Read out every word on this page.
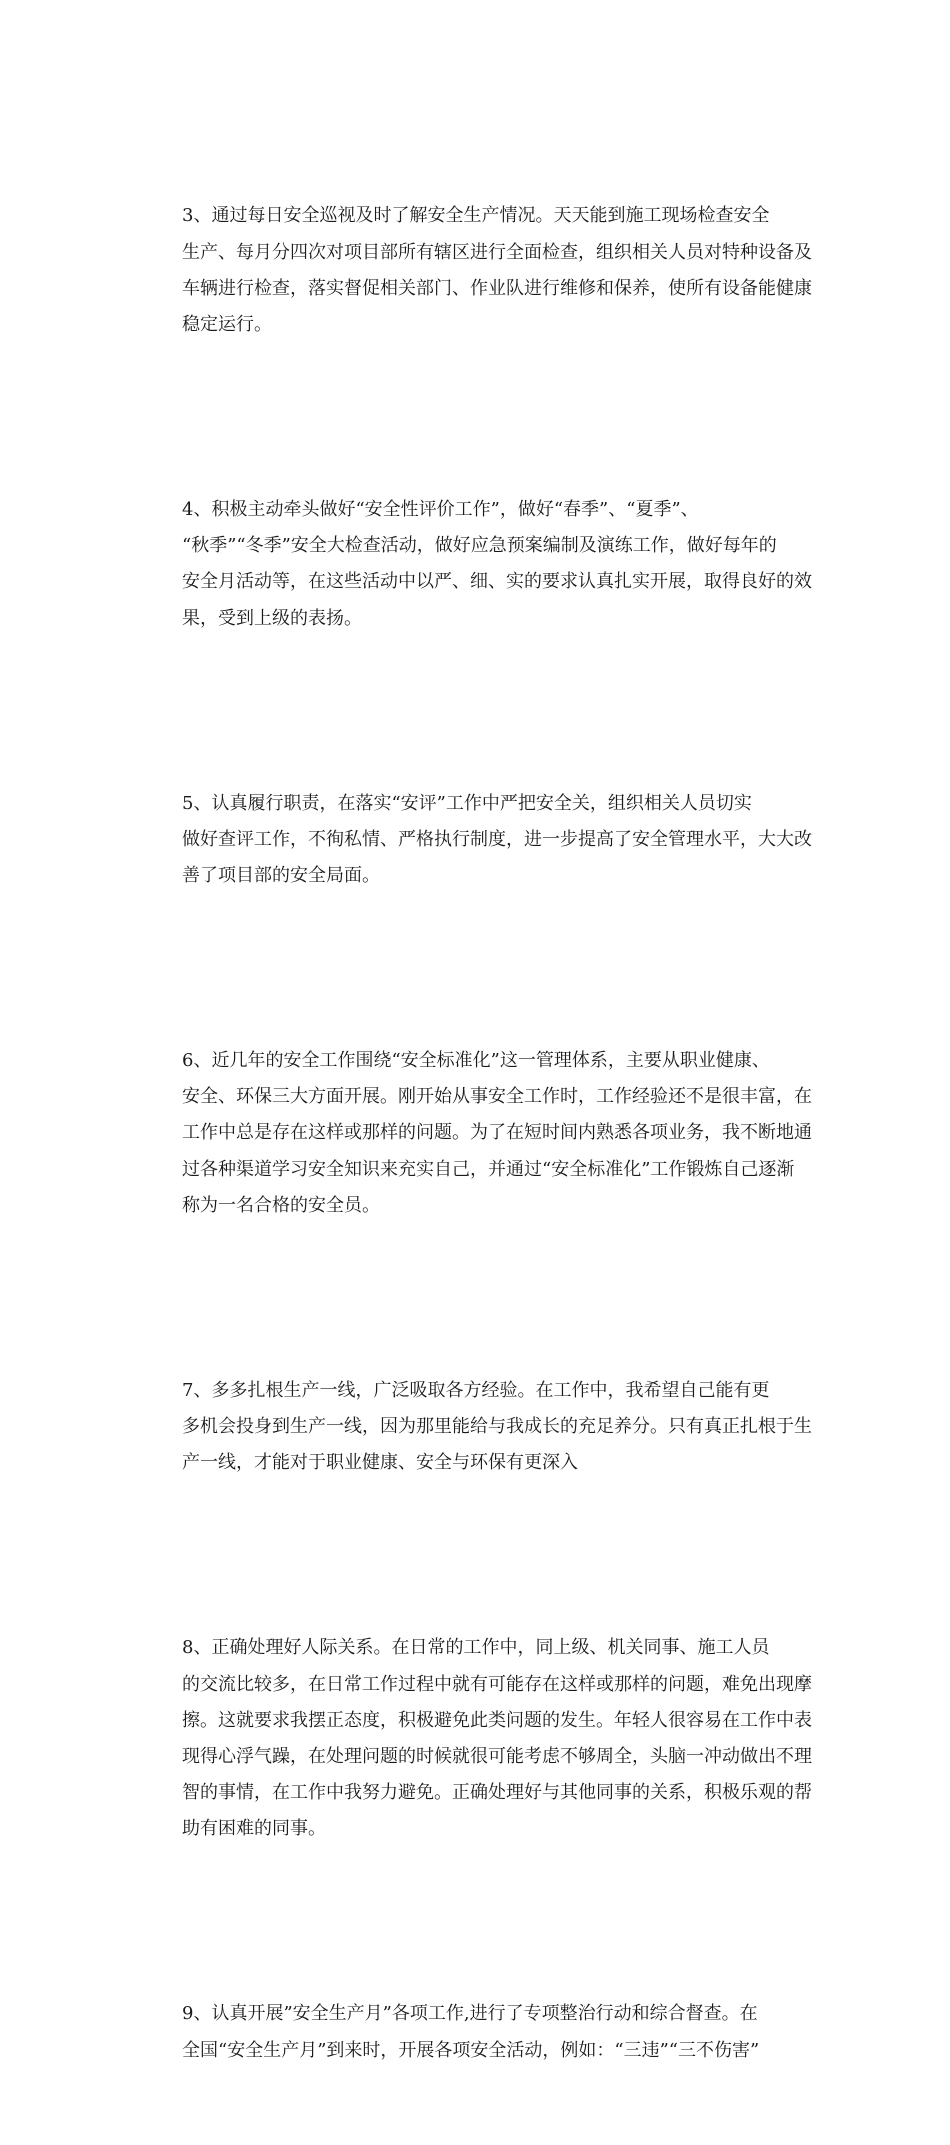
3、通过每日安全巡视及时了解安全生产情况。天天能到施工现场检查安全
生产、每月分四次对项目部所有辖区进行全面检查，组织相关人员对特种设备及
车辆进行检查，落实督促相关部门、作业队进行维修和保养，使所有设备能健康
稳定运行。

4、积极主动牵头做好“安全性评价工作”，做好“春季”、“夏季”、
“秋季”“冬季”安全大检查活动，做好应急预案编制及演练工作，做好每年的
安全月活动等，在这些活动中以严、细、实的要求认真扎实开展，取得良好的效
果，受到上级的表扬。

5、认真履行职责，在落实“安评”工作中严把安全关，组织相关人员切实
做好查评工作，不徇私情、严格执行制度，进一步提高了安全管理水平，大大改
善了项目部的安全局面。

6、近几年的安全工作围绕“安全标准化”这一管理体系，主要从职业健康、
安全、环保三大方面开展。刚开始从事安全工作时，工作经验还不是很丰富，在
工作中总是存在这样或那样的问题。为了在短时间内熟悉各项业务，我不断地通
过各种渠道学习安全知识来充实自己，并通过“安全标准化”工作锻炼自己逐渐
称为一名合格的安全员。

7、多多扎根生产一线，广泛吸取各方经验。在工作中，我希望自己能有更
多机会投身到生产一线，因为那里能给与我成长的充足养分。只有真正扎根于生
产一线，才能对于职业健康、安全与环保有更深入

8、正确处理好人际关系。在日常的工作中，同上级、机关同事、施工人员
的交流比较多，在日常工作过程中就有可能存在这样或那样的问题，难免出现摩
擦。这就要求我摆正态度，积极避免此类问题的发生。年轻人很容易在工作中表
现得心浮气躁，在处理问题的时候就很可能考虑不够周全，头脑一冲动做出不理
智的事情，在工作中我努力避免。正确处理好与其他同事的关系，积极乐观的帮
助有困难的同事。

9、认真开展”安全生产月”各项工作,进行了专项整治行动和综合督查。在
全国“安全生产月”到来时，开展各项安全活动，例如：“三违”“三不伤害”
